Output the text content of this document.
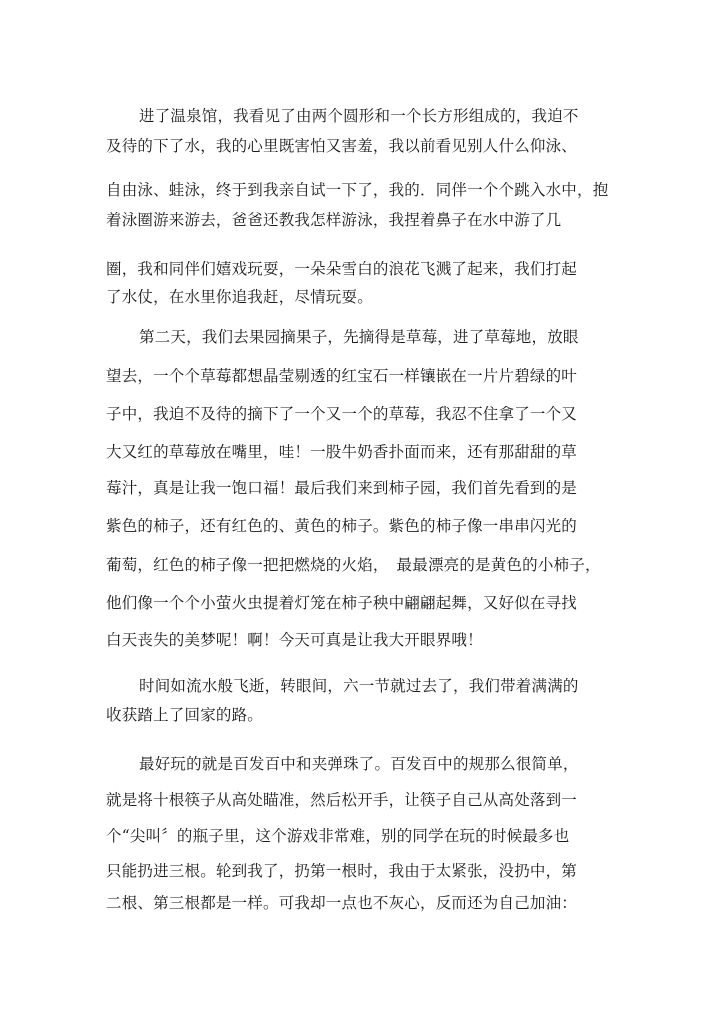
进了温泉馆，我看见了由两个圆形和一个长方形组成的，我迫不
及待的下了水，我的心里既害怕又害羞，我以前看见别人什么仰泳、
自由泳、蛙泳，终于到我亲自试一下了，我的．同伴一个个跳入水中，抱
着泳圈游来游去，爸爸还教我怎样游泳，我捏着鼻子在水中游了几
圈，我和同伴们嬉戏玩耍，一朵朵雪白的浪花飞溅了起来，我们打起
了水仗，在水里你追我赶，尽情玩耍。
第二天，我们去果园摘果子，先摘得是草莓，进了草莓地，放眼
望去，一个个草莓都想晶莹剔透的红宝石一样镶嵌在一片片碧绿的叶
子中，我迫不及待的摘下了一个又一个的草莓，我忍不住拿了一个又
大又红的草莓放在嘴里，哇！一股牛奶香扑面而来，还有那甜甜的草
莓汁，真是让我一饱口福！最后我们来到柿子园，我们首先看到的是
紫色的柿子，还有红色的、黄色的柿子。紫色的柿子像一串串闪光的
葡萄，红色的柿子像一把把燃烧的火焰，　最最漂亮的是黄色的小柿子，
他们像一个个小萤火虫提着灯笼在柿子秧中翩翩起舞，又好似在寻找
白天丧失的美梦呢！啊！今天可真是让我大开眼界哦！
时间如流水般飞逝，转眼间，六一节就过去了，我们带着满满的
收获踏上了回家的路。
最好玩的就是百发百中和夹弹珠了。百发百中的规那么很简单，
就是将十根筷子从高处瞄准，然后松开手，让筷子自己从高处落到一
个“尖叫〞的瓶子里，这个游戏非常难，别的同学在玩的时候最多也
只能扔进三根。轮到我了，扔第一根时，我由于太紧张，没扔中，第
二根、第三根都是一样。可我却一点也不灰心，反而还为自己加油：
